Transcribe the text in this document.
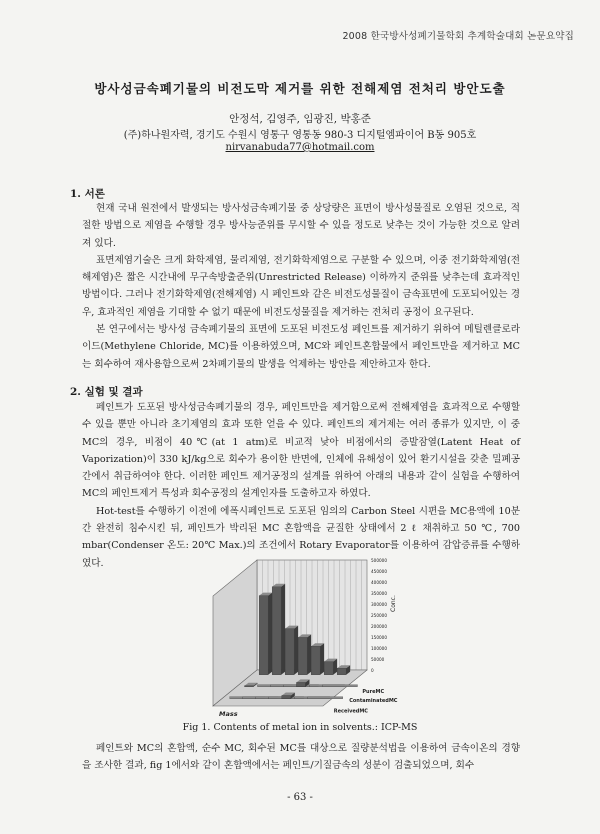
2008 한국방사성폐기물학회 추계학술대회 논문요약집
방사성금속폐기물의 비전도막 제거를 위한 전해제염 전처리 방안도출
안정석, 김영주, 임광진, 박홍준
(주)하나원자력, 경기도 수원시 영통구 영통동 980-3 디지털엠파이어 B동 905호
nirvanabuda77@hotmail.com
1. 서론

현재 국내 원전에서 발생되는 방사성금속폐기물 중 상당량은 표면이 방사성물질로 오염된 것으로, 적절한 방법으로 제염을 수행할 경우 방사능준위를 무시할 수 있을 정도로 낮추는 것이 가능한 것으로 알려져 있다.

표면제염기술은 크게 화학제염, 물리제염, 전기화학제염으로 구분할 수 있으며, 이중 전기화학제염(전해제염)은 짧은 시간내에 무구속방출준위(Unrestricted Release) 이하까지 준위를 낮추는데 효과적인 방법이다. 그러나 전기화학제염(전해제염) 시 페인트와 같은 비전도성물질이 금속표면에 도포되어있는 경우, 효과적인 제염을 기대할 수 없기 때문에 비전도성물질을 제거하는 전처리 공정이 요구된다.

본 연구에서는 방사성 금속폐기물의 표면에 도포된 비전도성 페인트를 제거하기 위하여 메틸렌클로라이드(Methylene Chloride, MC)를 이용하였으며, MC와 페인트혼합물에서 페인트만을 제거하고 MC는 회수하여 재사용함으로써 2차폐기물의 발생을 억제하는 방안을 제안하고자 한다.

2. 실험 및 결과

페인트가 도포된 방사성금속폐기물의 경우, 페인트만을 제거함으로써 전해제염을 효과적으로 수행할 수 있을 뿐만 아니라 초기제염의 효과 또한 얻을 수 있다. 페인트의 제거제는 여러 종류가 있지만, 이 중 MC의 경우, 비점이 40℃(at 1 atm)로 비교적 낮아 비점에서의 증발잠열(Latent Heat of Vaporization)이 330 kJ/kg으로 회수가 용이한 반면에, 인체에 유해성이 있어 환기시설을 갖춘 밀폐공간에서 취급하여야 한다. 이러한 페인트 제거공정의 설계를 위하여 아래의 내용과 같이 실험을 수행하여 MC의 페인트제거 특성과 회수공정의 설계인자를 도출하고자 하였다.

Hot-test를 수행하기 이전에 에폭시페인트로 도포된 임의의 Carbon Steel 시편을 MC용액에 10분간 완전히 침수시킨 뒤, 페인트가 박리된 MC 혼합액을 균질한 상태에서 2 ℓ 채취하고 50 ℃, 700 mbar(Condenser 온도: 20℃ Max.)의 조건에서 Rotary Evaporator를 이용하여 감압증류를 수행하였다.	500000
450000
400000
350000
300000
250000
200000
150000
100000
50000
0
Conc.
PureMC
ContaminatedMC
ReceivedMC
Mass
Fig 1. Contents of metal ion in solvents.: ICP-MS

페인트와 MC의 혼합액, 순수 MC, 회수된 MC를 대상으로 질량분석법을 이용하여 금속이온의 경향을 조사한 결과, fig 1에서와 같이 혼합액에서는 페인트/기질금속의 성분이 검출되었으며, 회수

- 63 -
